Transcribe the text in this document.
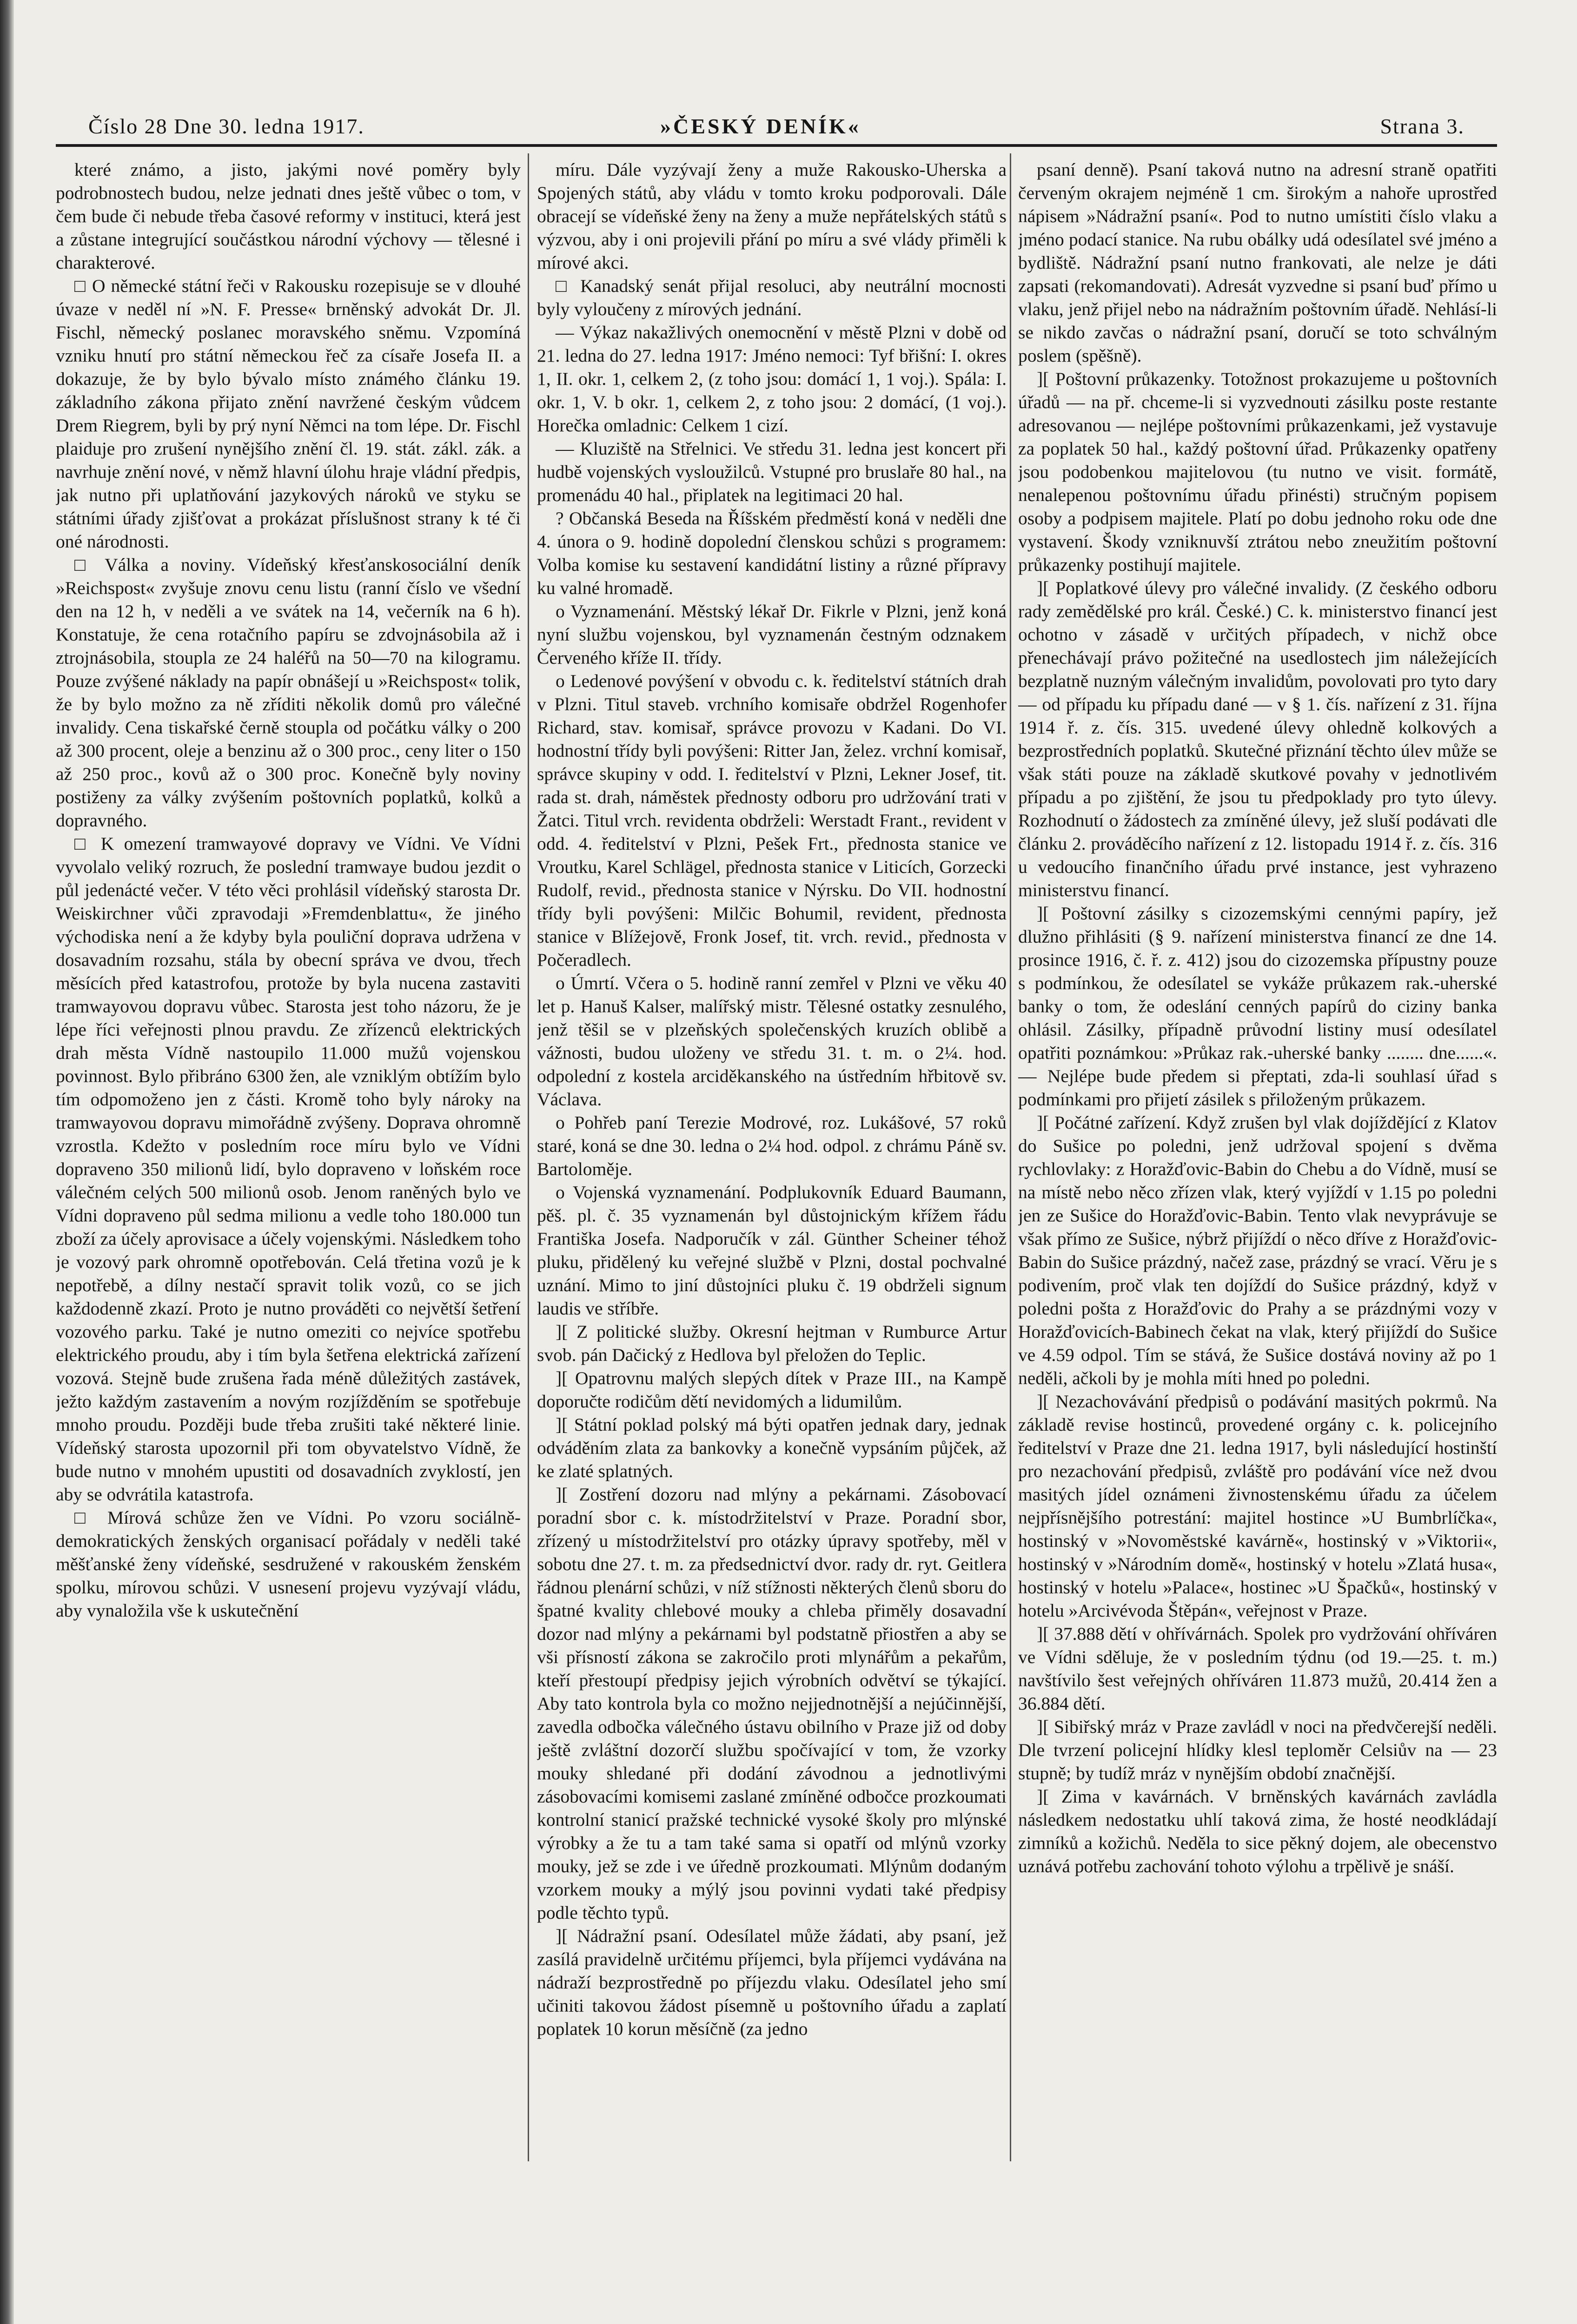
Číslo 28 Dne 30. ledna 1917.	»ČESKÝ DENÍK«	Strana 3.

které známo, a jisto, jakými nové poměry byly podrobnostech budou, nelze jednati dnes ještě vůbec o tom, v čem bude či nebude třeba časové reformy v instituci, která jest a zůstane integrující součástkou národní výchovy — tělesné i charakterové.

□ O německé státní řeči v Rakousku rozepisuje se v dlouhé úvaze v neděl ní »N. F. Presse« brněnský advokát Dr. Jl. Fischl, německý poslanec moravského sněmu. Vzpomíná vzniku hnutí pro státní německou řeč za císaře Josefa II. a dokazuje, že by bylo bývalo místo známého článku 19. základního zákona přijato znění navržené českým vůdcem Drem Riegrem, byli by prý nyní Němci na tom lépe. Dr. Fischl plaiduje pro zrušení nynějšího znění čl. 19. stát. zákl. zák. a navrhuje znění nové, v němž hlavní úlohu hraje vládní předpis, jak nutno při uplatňování jazykových nároků ve styku se státními úřady zjišťovat a prokázat příslušnost strany k té či oné národnosti.

□ Válka a noviny. Vídeňský křesťanskosociální deník »Reichspost« zvyšuje znovu cenu listu (ranní číslo ve všední den na 12 h, v neděli a ve svátek na 14, večerník na 6 h). Konstatuje, že cena rotačního papíru se zdvojnásobila až i ztrojnásobila, stoupla ze 24 haléřů na 50—70 na kilogramu. Pouze zvýšené náklady na papír obnášejí u »Reichspost« tolik, že by bylo možno za ně zříditi několik domů pro válečné invalidy. Cena tiskařské černě stoupla od počátku války o 200 až 300 procent, oleje a benzinu až o 300 proc., ceny liter o 150 až 250 proc., kovů až o 300 proc. Konečně byly noviny postiženy za války zvýšením poštovních poplatků, kolků a dopravného.

□ K omezení tramwayové dopravy ve Vídni. Ve Vídni vyvolalo veliký rozruch, že poslední tramwaye budou jezdit o půl jedenácté večer. V této věci prohlásil vídeňský starosta Dr. Weiskirchner vůči zpravodaji »Fremdenblattu«, že jiného východiska není a že kdyby byla pouliční doprava udržena v dosavadním rozsahu, stála by obecní správa ve dvou, třech měsících před katastrofou, protože by byla nucena zastaviti tramwayovou dopravu vůbec. Starosta jest toho názoru, že je lépe říci veřejnosti plnou pravdu. Ze zřízenců elektrických drah města Vídně nastoupilo 11.000 mužů vojenskou povinnost. Bylo přibráno 6300 žen, ale vzniklým obtížím bylo tím odpomoženo jen z části. Kromě toho byly nároky na tramwayovou dopravu mimořádně zvýšeny. Doprava ohromně vzrostla. Kdežto v posledním roce míru bylo ve Vídni dopraveno 350 milionů lidí, bylo dopraveno v loňském roce válečném celých 500 milionů osob. Jenom raněných bylo ve Vídni dopraveno půl sedma milionu a vedle toho 180.000 tun zboží za účely aprovisace a účely vojenskými. Následkem toho je vozový park ohromně opotřebován. Celá třetina vozů je k nepotřebě, a dílny nestačí spravit tolik vozů, co se jich každodenně zkazí. Proto je nutno prováděti co největší šetření vozového parku. Také je nutno omeziti co nejvíce spotřebu elektrického proudu, aby i tím byla šetřena elektrická zařízení vozová. Stejně bude zrušena řada méně důležitých zastávek, ježto každým zastavením a novým rozjížděním se spotřebuje mnoho proudu. Později bude třeba zrušiti také některé linie. Vídeňský starosta upozornil při tom obyvatelstvo Vídně, že bude nutno v mnohém upustiti od dosavadních zvyklostí, jen aby se odvrátila katastrofa.

□ Mírová schůze žen ve Vídni. Po vzoru sociálně-demokratických ženských organisací pořádaly v neděli také měšťanské ženy vídeňské, sesdružené v rakouském ženském spolku, mírovou schůzi. V usnesení projevu vyzývají vládu, aby vynaložila vše k uskutečnění

míru. Dále vyzývají ženy a muže Rakousko-Uherska a Spojených států, aby vládu v tomto kroku podporovali. Dále obracejí se vídeňské ženy na ženy a muže nepřátelských států s výzvou, aby i oni projevili přání po míru a své vlády přiměli k mírové akci.

□ Kanadský senát přijal resoluci, aby neutrální mocnosti byly vyloučeny z mírových jednání.

— Výkaz nakažlivých onemocnění v městě Plzni v době od 21. ledna do 27. ledna 1917: Jméno nemoci: Tyf břišní: I. okres 1, II. okr. 1, celkem 2, (z toho jsou: domácí 1, 1 voj.). Spála: I. okr. 1, V. b okr. 1, celkem 2, z toho jsou: 2 domácí, (1 voj.). Horečka omladnic: Celkem 1 cizí.

— Kluziště na Střelnici. Ve středu 31. ledna jest koncert při hudbě vojenských vysloužilců. Vstupné pro bruslaře 80 hal., na promenádu 40 hal., připlatek na legitimaci 20 hal.

? Občanská Beseda na Říšském předměstí koná v neděli dne 4. února o 9. hodině dopolední členskou schůzi s programem: Volba komise ku sestavení kandidátní listiny a různé přípravy ku valné hromadě.

o Vyznamenání. Městský lékař Dr. Fikrle v Plzni, jenž koná nyní službu vojenskou, byl vyznamenán čestným odznakem Červeného kříže II. třídy.

o Ledenové povýšení v obvodu c. k. ředitelství státních drah v Plzni. Titul staveb. vrchního komisaře obdržel Rogenhofer Richard, stav. komisař, správce provozu v Kadani. Do VI. hodnostní třídy byli povýšeni: Ritter Jan, želez. vrchní komisař, správce skupiny v odd. I. ředitelství v Plzni, Lekner Josef, tit. rada st. drah, náměstek přednosty odboru pro udržování trati v Žatci. Titul vrch. revidenta obdrželi: Werstadt Frant., revident v odd. 4. ředitelství v Plzni, Pešek Frt., přednosta stanice ve Vroutku, Karel Schlägel, přednosta stanice v Liticích, Gorzecki Rudolf, revid., přednosta stanice v Nýrsku. Do VII. hodnostní třídy byli povýšeni: Milčic Bohumil, revident, přednosta stanice v Blížejově, Fronk Josef, tit. vrch. revid., přednosta v Počeradlech.

o Úmrtí. Včera o 5. hodině ranní zemřel v Plzni ve věku 40 let p. Hanuš Kalser, malířský mistr. Tělesné ostatky zesnulého, jenž těšil se v plzeňských společenských kruzích oblibě a vážnosti, budou uloženy ve středu 31. t. m. o 2¼. hod. odpolední z kostela arciděkanského na ústředním hřbitově sv. Václava.

o Pohřeb paní Terezie Modrové, roz. Lukášové, 57 roků staré, koná se dne 30. ledna o 2¼ hod. odpol. z chrámu Páně sv. Bartoloměje.

o Vojenská vyznamenání. Podplukovník Eduard Baumann, pěš. pl. č. 35 vyznamenán byl důstojnickým křížem řádu Františka Josefa. Nadporučík v zál. Günther Scheiner téhož pluku, přidělený ku veřejné službě v Plzni, dostal pochvalné uznání. Mimo to jiní důstojníci pluku č. 19 obdrželi signum laudis ve stříbře.

][ Z politické služby. Okresní hejtman v Rumburce Artur svob. pán Dačický z Hedlova byl přeložen do Teplic.

][ Opatrovnu malých slepých dítek v Praze III., na Kampě doporučte rodičům dětí nevidomých a lidumilům.

][ Státní poklad polský má býti opatřen jednak dary, jednak odváděním zlata za bankovky a konečně vypsáním půjček, až ke zlaté splatných.

][ Zostření dozoru nad mlýny a pekárnami. Zásobovací poradní sbor c. k. místodržitelství v Praze. Poradní sbor, zřízený u místodržitelství pro otázky úpravy spotřeby, měl v sobotu dne 27. t. m. za předsednictví dvor. rady dr. ryt. Geitlera řádnou plenární schůzi, v níž stížnosti některých členů sboru do špatné kvality chlebové mouky a chleba přiměly dosavadní dozor nad mlýny a pekárnami byl podstatně přiostřen a aby se vši přísností zákona se zakročilo proti mlynářům a pekařům, kteří přestoupí předpisy jejich výrobních odvětví se týkající. Aby tato kontrola byla co možno nejjednotnější a nejúčinnější, zavedla odbočka válečného ústavu obilního v Praze již od doby ještě zvláštní dozorčí službu spočívající v tom, že vzorky mouky shledané při dodání závodnou a jednotlivými zásobovacími komisemi zaslané zmíněné odbočce prozkoumati kontrolní stanicí pražské technické vysoké školy pro mlýnské výrobky a že tu a tam také sama si opatří od mlýnů vzorky mouky, jež se zde i ve úředně prozkoumati. Mlýnům dodaným vzorkem mouky a mýlý jsou povinni vydati také předpisy podle těchto typů.

][ Nádražní psaní. Odesílatel může žádati, aby psaní, jež zasílá pravidelně určitému příjemci, byla příjemci vydávána na nádraží bezprostředně po příjezdu vlaku. Odesílatel jeho smí učiniti takovou žádost písemně u poštovního úřadu a zaplatí poplatek 10 korun měsíčně (za jedno

psaní denně). Psaní taková nutno na adresní straně opatřiti červeným okrajem nejméně 1 cm. širokým a nahoře uprostřed nápisem »Nádražní psaní«. Pod to nutno umístiti číslo vlaku a jméno podací stanice. Na rubu obálky udá odesílatel své jméno a bydliště. Nádražní psaní nutno frankovati, ale nelze je dáti zapsati (rekomandovati). Adresát vyzvedne si psaní buď přímo u vlaku, jenž přijel nebo na nádražním poštovním úřadě. Nehlásí-li se nikdo zavčas o nádražní psaní, doručí se toto schválným poslem (spěšně).

][ Poštovní průkazenky. Totožnost prokazujeme u poštovních úřadů — na př. chceme-li si vyzvednouti zásilku poste restante adresovanou — nejlépe poštovními průkazenkami, jež vystavuje za poplatek 50 hal., každý poštovní úřad. Průkazenky opatřeny jsou podobenkou majitelovou (tu nutno ve visit. formátě, nenalepenou poštovnímu úřadu přinésti) stručným popisem osoby a podpisem majitele. Platí po dobu jednoho roku ode dne vystavení. Škody vzniknuvší ztrátou nebo zneužitím poštovní průkazenky postihují majitele.

][ Poplatkové úlevy pro válečné invalidy. (Z českého odboru rady zemědělské pro král. České.) C. k. ministerstvo financí jest ochotno v zásadě v určitých případech, v nichž obce přenechávají právo požitečné na usedlostech jim náležejících bezplatně nuzným válečným invalidům, povolovati pro tyto dary — od případu ku případu dané — v § 1. čís. nařízení z 31. října 1914 ř. z. čís. 315. uvedené úlevy ohledně kolkových a bezprostředních poplatků. Skutečné přiznání těchto úlev může se však státi pouze na základě skutkové povahy v jednotlivém případu a po zjištění, že jsou tu předpoklady pro tyto úlevy. Rozhodnutí o žádostech za zmíněné úlevy, jež sluší podávati dle článku 2. prováděcího nařízení z 12. listopadu 1914 ř. z. čís. 316 u vedoucího finančního úřadu prvé instance, jest vyhrazeno ministerstvu financí.

][ Poštovní zásilky s cizozemskými cennými papíry, jež dlužno přihlásiti (§ 9. nařízení ministerstva financí ze dne 14. prosince 1916, č. ř. z. 412) jsou do cizozemska přípustny pouze s podmínkou, že odesílatel se vykáže průkazem rak.-uherské banky o tom, že odeslání cenných papírů do ciziny banka ohlásil. Zásilky, případně průvodní listiny musí odesílatel opatřiti poznámkou: »Průkaz rak.-uherské banky ........ dne......«. — Nejlépe bude předem si přeptati, zda-li souhlasí úřad s podmínkami pro přijetí zásilek s přiloženým průkazem.

][ Počátné zařízení. Když zrušen byl vlak dojíždějící z Klatov do Sušice po poledni, jenž udržoval spojení s dvěma rychlovlaky: z Horažďovic-Babin do Chebu a do Vídně, musí se na místě nebo něco zřízen vlak, který vyjíždí v 1.15 po poledni jen ze Sušice do Horažďovic-Babin. Tento vlak nevyprávuje se však přímo ze Sušice, nýbrž přijíždí o něco dříve z Horažďovic-Babin do Sušice prázdný, načež zase, prázdný se vrací. Věru je s podivením, proč vlak ten dojíždí do Sušice prázdný, když v poledni pošta z Horažďovic do Prahy a se prázdnými vozy v Horažďovicích-Babinech čekat na vlak, který přijíždí do Sušice ve 4.59 odpol. Tím se stává, že Sušice dostává noviny až po 1 neděli, ačkoli by je mohla míti hned po poledni.

][ Nezachovávání předpisů o podávání masitých pokrmů. Na základě revise hostinců, provedené orgány c. k. policejního ředitelství v Praze dne 21. ledna 1917, byli následující hostinští pro nezachování předpisů, zvláště pro podávání více než dvou masitých jídel oznámeni živnostenskému úřadu za účelem nejpřísnějšího potrestání: majitel hostince »U Bumbrlíčka«, hostinský v »Novoměstské kavárně«, hostinský v »Viktorii«, hostinský v »Národním domě«, hostinský v hotelu »Zlatá husa«, hostinský v hotelu »Palace«, hostinec »U Špačků«, hostinský v hotelu »Arcivévoda Štěpán«, veřejnost v Praze.

][ 37.888 dětí v ohřívárnách. Spolek pro vydržování ohříváren ve Vídni sděluje, že v posledním týdnu (od 19.—25. t. m.) navštívilo šest veřejných ohříváren 11.873 mužů, 20.414 žen a 36.884 dětí.

][ Sibiřský mráz v Praze zavládl v noci na předvčerejší neděli. Dle tvrzení policejní hlídky klesl teploměr Celsiův na — 23 stupně; by tudíž mráz v nynějším období značnější.

][ Zima v kavárnách. V brněnských kavárnách zavládla následkem nedostatku uhlí taková zima, že hosté neodkládají zimníků a kožichů. Neděla to sice pěkný dojem, ale obecenstvo uznává potřebu zachování tohoto výlohu a trpělivě je snáší.
